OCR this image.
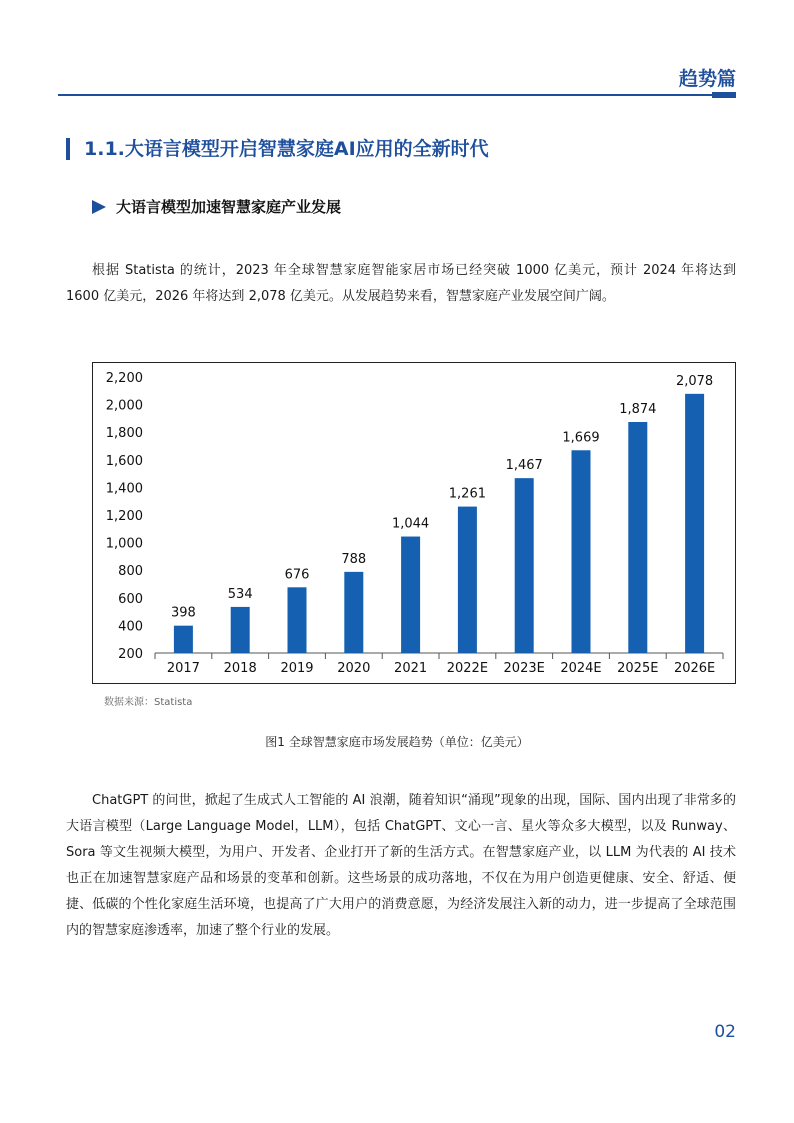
趋势篇
1.1.大语言模型开启智慧家庭AI应用的全新时代
大语言模型加速智慧家庭产业发展
根据 Statista 的统计，2023 年全球智慧家庭智能家居市场已经突破 1000 亿美元，预计 2024 年将达到 1600 亿美元，2026 年将达到 2,078 亿美元。从发展趋势来看，智慧家庭产业发展空间广阔。
200
400
600
800
1,000
1,200
1,400
1,600
1,800
2,000
2,200
398
2017
534
2018
676
2019
788
2020
1,044
2021
1,261
2022E
1,467
2023E
1,669
2024E
1,874
2025E
2,078
2026E
数据来源：Statista
图1 全球智慧家庭市场发展趋势（单位：亿美元）
ChatGPT 的问世，掀起了生成式人工智能的 AI 浪潮，随着知识“涌现”现象的出现，国际、国内出现了非常多的大语言模型（Large Language Model，LLM），包括 ChatGPT、文心一言、星火等众多大模型，以及 Runway、Sora 等文生视频大模型，为用户、开发者、企业打开了新的生活方式。在智慧家庭产业，以 LLM 为代表的 AI 技术也正在加速智慧家庭产品和场景的变革和创新。这些场景的成功落地，不仅在为用户创造更健康、安全、舒适、便捷、低碳的个性化家庭生活环境，也提高了广大用户的消费意愿，为经济发展注入新的动力，进一步提高了全球范围内的智慧家庭渗透率，加速了整个行业的发展。
02
